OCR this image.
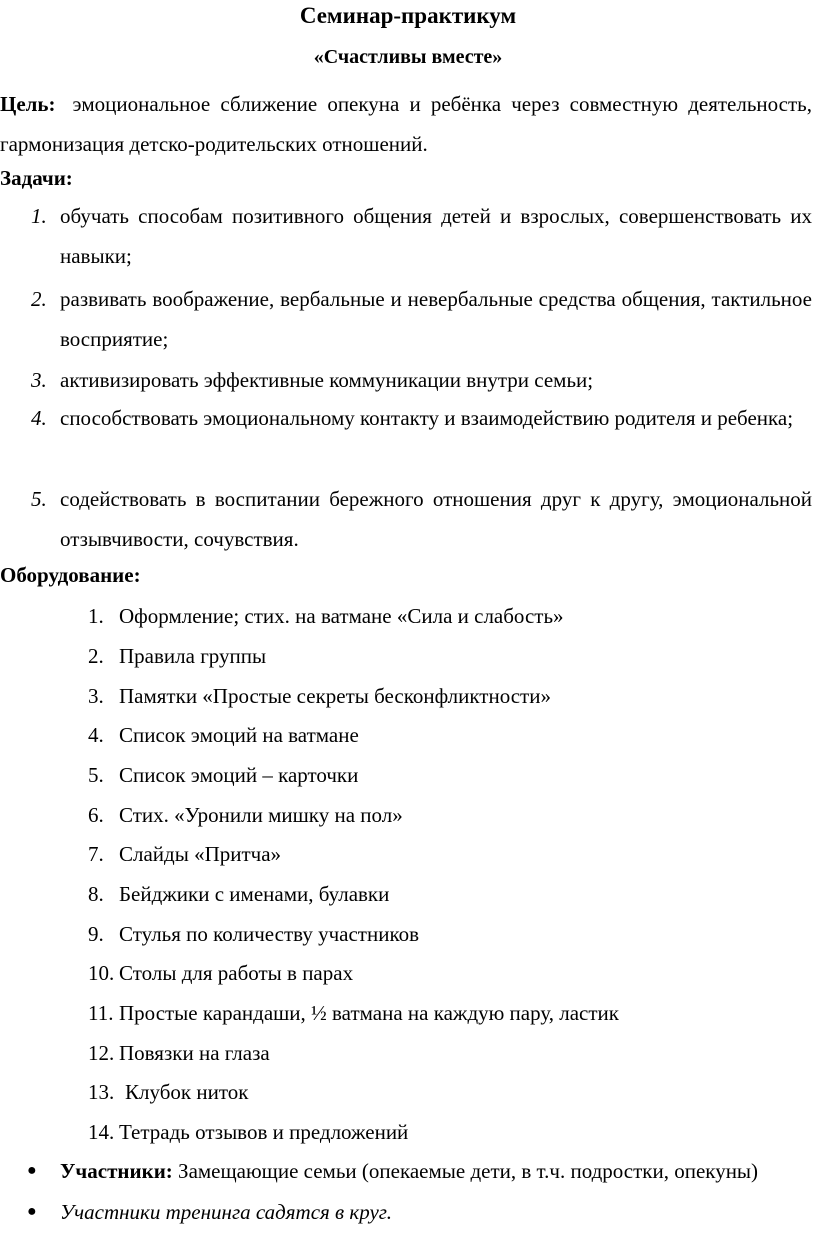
Семинар-практикум
«Счастливы вместе»
Цель: эмоциональное сближение опекуна и ребёнка через совместную деятельность, гармонизация детско-родительских отношений.
Задачи:
1. обучать способам позитивного общения детей и взрослых, совершенствовать их навыки;
2. развивать воображение, вербальные и невербальные средства общения, тактильное восприятие;
3. активизировать эффективные коммуникации внутри семьи;
4. способствовать эмоциональному контакту и взаимодействию родителя и ребенка;
5. содействовать в воспитании бережного отношения друг к другу, эмоциональной отзывчивости, сочувствия.
Оборудование:
1. Оформление; стих. на ватмане «Сила и слабость»
2. Правила группы
3. Памятки «Простые секреты бесконфликтности»
4. Список эмоций на ватмане
5. Список эмоций – карточки
6. Стих. «Уронили мишку на пол»
7. Слайды «Притча»
8. Бейджики с именами, булавки
9. Стулья по количеству участников
10. Столы для работы в парах
11. Простые карандаши, ½ ватмана на каждую пару, ластик
12. Повязки на глаза
13. Клубок ниток
14. Тетрадь отзывов и предложений
● Участники: Замещающие семьи (опекаемые дети, в т.ч. подростки, опекуны)
● Участники тренинга садятся в круг.
